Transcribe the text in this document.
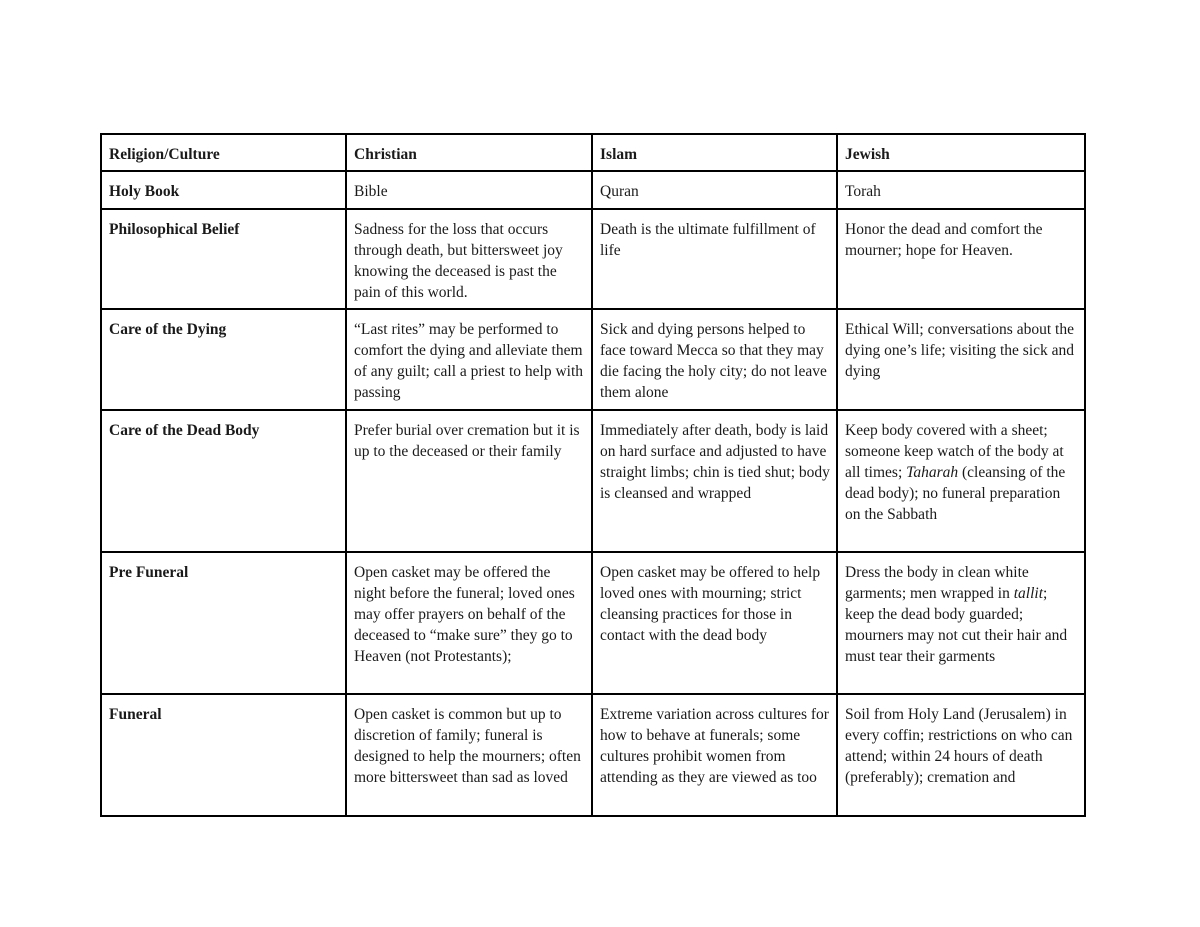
Religion/Culture	Christian	Islam	Jewish

Holy Book	Bible	Quran	Torah

Philosophical Belief	Sadness for the loss that occurs through death, but bittersweet joy knowing the deceased is past the pain of this world.	Death is the ultimate fulfillment of life	Honor the dead and comfort the mourner; hope for Heaven.

Care of the Dying	“Last rites” may be performed to comfort the dying and alleviate them of any guilt; call a priest to help with passing	Sick and dying persons helped to face toward Mecca so that they may die facing the holy city; do not leave them alone	Ethical Will; conversations about the dying one’s life; visiting the sick and dying

Care of the Dead Body	Prefer burial over cremation but it is up to the deceased or their family	Immediately after death, body is laid on hard surface and adjusted to have straight limbs; chin is tied shut; body is cleansed and wrapped	Keep body covered with a sheet; someone keep watch of the body at all times; Taharah (cleansing of the dead body); no funeral preparation on the Sabbath

Pre Funeral	Open casket may be offered the night before the funeral; loved ones may offer prayers on behalf of the deceased to “make sure” they go to Heaven (not Protestants);	Open casket may be offered to help loved ones with mourning; strict cleansing practices for those in contact with the dead body	Dress the body in clean white garments; men wrapped in tallit; keep the dead body guarded; mourners may not cut their hair and must tear their garments

Funeral	Open casket is common but up to discretion of family; funeral is designed to help the mourners; often more bittersweet than sad as loved	Extreme variation across cultures for how to behave at funerals; some cultures prohibit women from attending as they are viewed as too	Soil from Holy Land (Jerusalem) in every coffin; restrictions on who can attend; within 24 hours of death (preferably); cremation and
